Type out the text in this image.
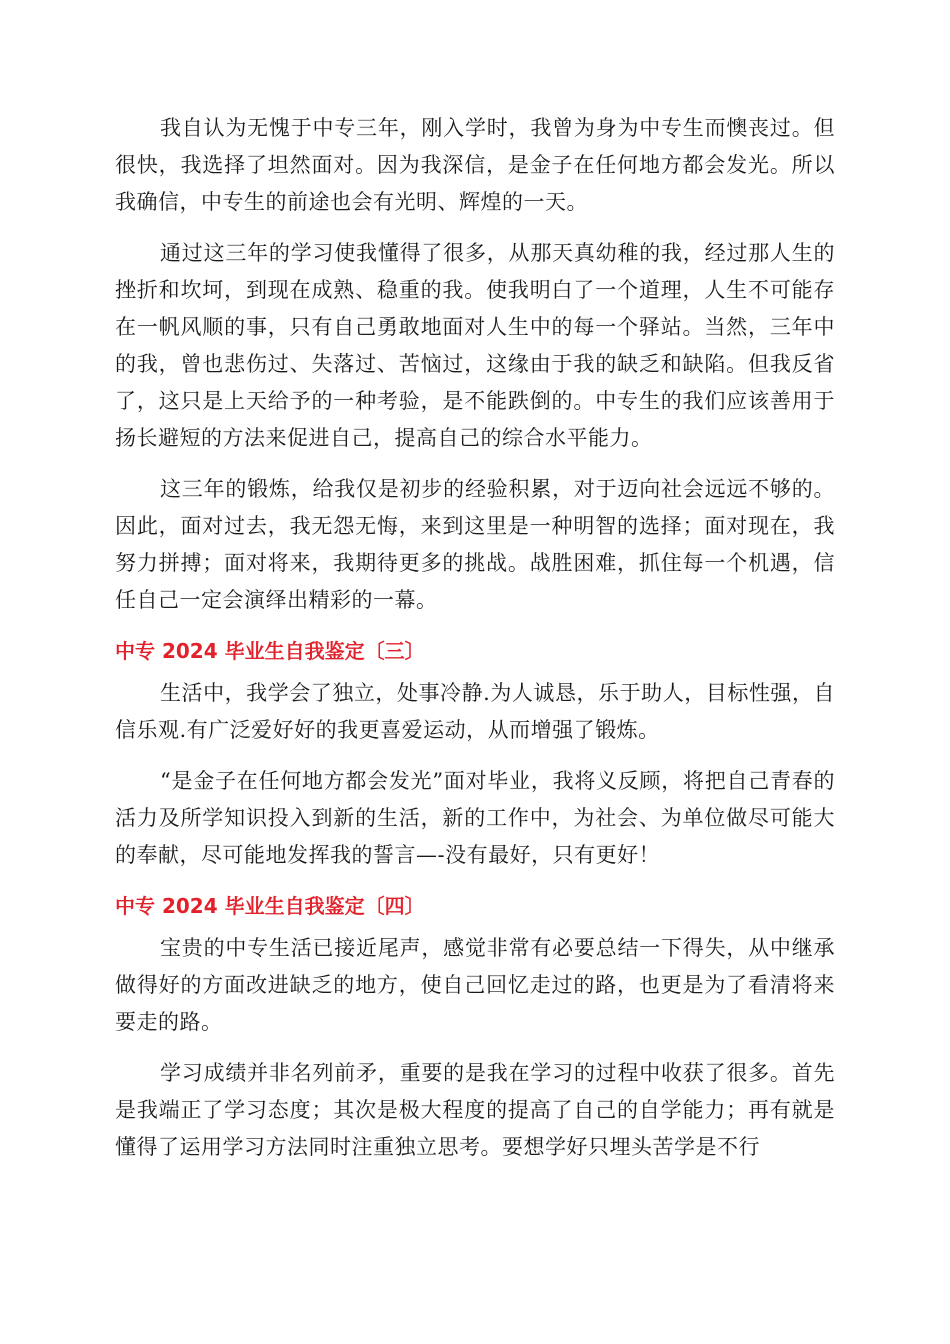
我自认为无愧于中专三年，刚入学时，我曾为身为中专生而懊丧过。但很快，我选择了坦然面对。因为我深信，是金子在任何地方都会发光。所以我确信，中专生的前途也会有光明、辉煌的一天。

通过这三年的学习使我懂得了很多，从那天真幼稚的我，经过那人生的挫折和坎坷，到现在成熟、稳重的我。使我明白了一个道理，人生不可能存在一帆风顺的事，只有自己勇敢地面对人生中的每一个驿站。当然，三年中的我，曾也悲伤过、失落过、苦恼过，这缘由于我的缺乏和缺陷。但我反省了，这只是上天给予的一种考验，是不能跌倒的。中专生的我们应该善用于扬长避短的方法来促进自己，提高自己的综合水平能力。

这三年的锻炼，给我仅是初步的经验积累，对于迈向社会远远不够的。因此，面对过去，我无怨无悔，来到这里是一种明智的选择；面对现在，我努力拼搏；面对将来，我期待更多的挑战。战胜困难，抓住每一个机遇，信任自己一定会演绎出精彩的一幕。

中专 2024 毕业生自我鉴定〔三〕

生活中，我学会了独立，处事冷静.为人诚恳，乐于助人，目标性强，自信乐观.有广泛爱好好的我更喜爱运动，从而增强了锻炼。

“是金子在任何地方都会发光”面对毕业，我将义反顾，将把自己青春的活力及所学知识投入到新的生活，新的工作中，为社会、为单位做尽可能大的奉献，尽可能地发挥我的誓言—-没有最好，只有更好！

中专 2024 毕业生自我鉴定〔四〕

宝贵的中专生活已接近尾声，感觉非常有必要总结一下得失，从中继承做得好的方面改进缺乏的地方，使自己回忆走过的路，也更是为了看清将来要走的路。

学习成绩并非名列前矛，重要的是我在学习的过程中收获了很多。首先是我端正了学习态度；其次是极大程度的提高了自己的自学能力；再有就是懂得了运用学习方法同时注重独立思考。要想学好只埋头苦学是不行
